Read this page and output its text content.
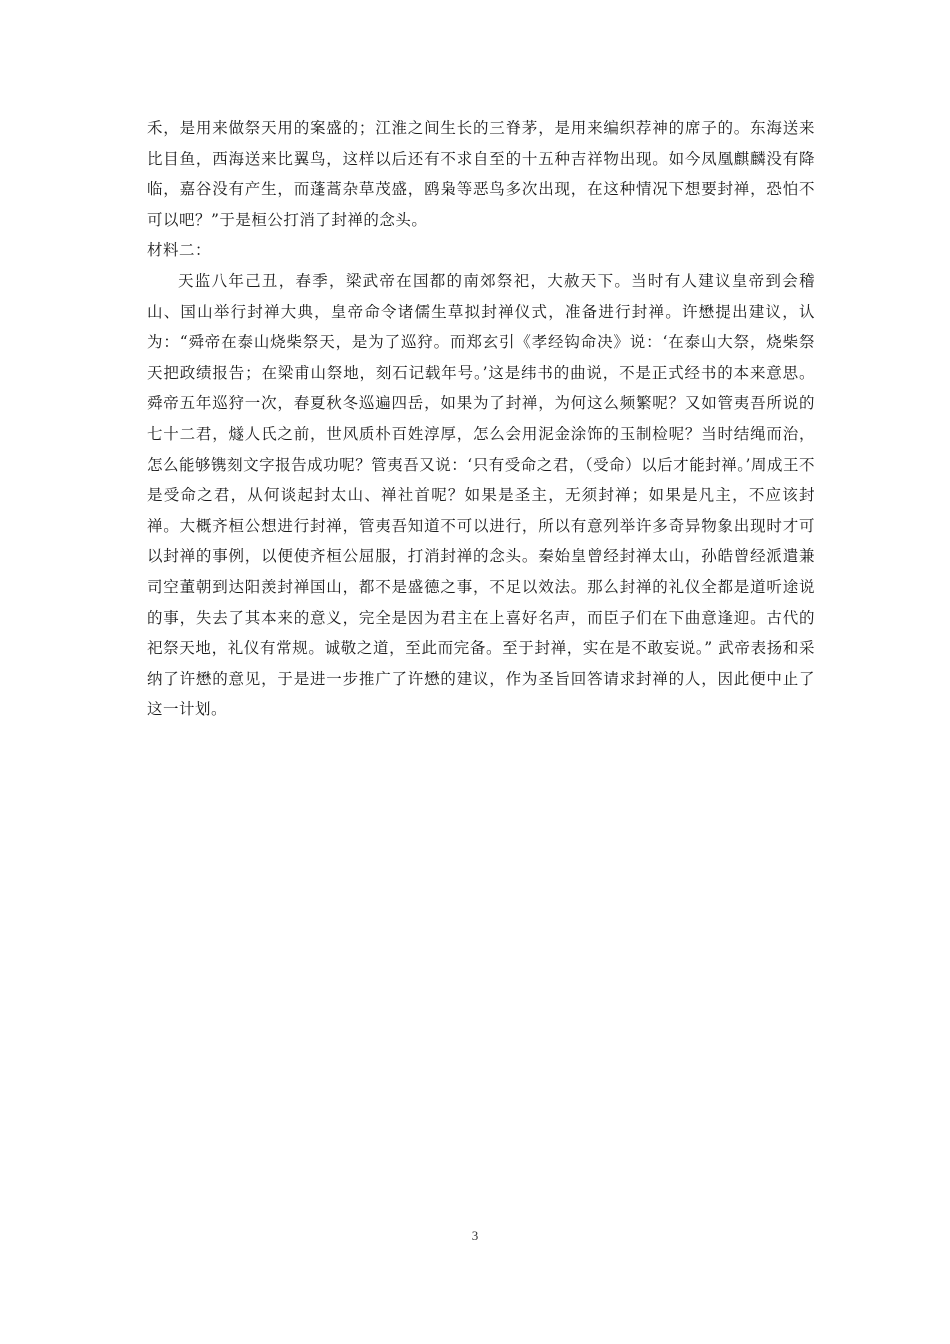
禾，是用来做祭天用的案盛的；江淮之间生长的三脊茅，是用来编织荐神的席子的。东海送来比目鱼，西海送来比翼鸟，这样以后还有不求自至的十五种吉祥物出现。如今凤凰麒麟没有降临，嘉谷没有产生，而蓬蒿杂草茂盛，鸥枭等恶鸟多次出现，在这种情况下想要封禅，恐怕不可以吧？”于是桓公打消了封禅的念头。

材料二：

天监八年己丑，春季，梁武帝在国都的南郊祭祀，大赦天下。当时有人建议皇帝到会稽山、国山举行封禅大典，皇帝命令诸儒生草拟封禅仪式，准备进行封禅。许懋提出建议，认为：“舜帝在泰山烧柴祭天，是为了巡狩。而郑玄引《孝经钩命决》说：‘在泰山大祭，烧柴祭天把政绩报告；在梁甫山祭地，刻石记载年号。’这是纬书的曲说，不是正式经书的本来意思。舜帝五年巡狩一次，春夏秋冬巡遍四岳，如果为了封禅，为何这么频繁呢？又如管夷吾所说的七十二君，燧人氏之前，世风质朴百姓淳厚，怎么会用泥金涂饰的玉制检呢？当时结绳而治，怎么能够镌刻文字报告成功呢？管夷吾又说：‘只有受命之君，（受命）以后才能封禅。’周成王不是受命之君，从何谈起封太山、禅社首呢？如果是圣主，无须封禅；如果是凡主，不应该封禅。大概齐桓公想进行封禅，管夷吾知道不可以进行，所以有意列举许多奇异物象出现时才可以封禅的事例，以便使齐桓公屈服，打消封禅的念头。秦始皇曾经封禅太山，孙皓曾经派遣兼司空董朝到达阳羡封禅国山，都不是盛德之事，不足以效法。那么封禅的礼仪全都是道听途说的事，失去了其本来的意义，完全是因为君主在上喜好名声，而臣子们在下曲意逢迎。古代的祀祭天地，礼仪有常规。诚敬之道，至此而完备。至于封禅，实在是不敢妄说。” 武帝表扬和采纳了许懋的意见，于是进一步推广了许懋的建议，作为圣旨回答请求封禅的人，因此便中止了这一计划。

3
